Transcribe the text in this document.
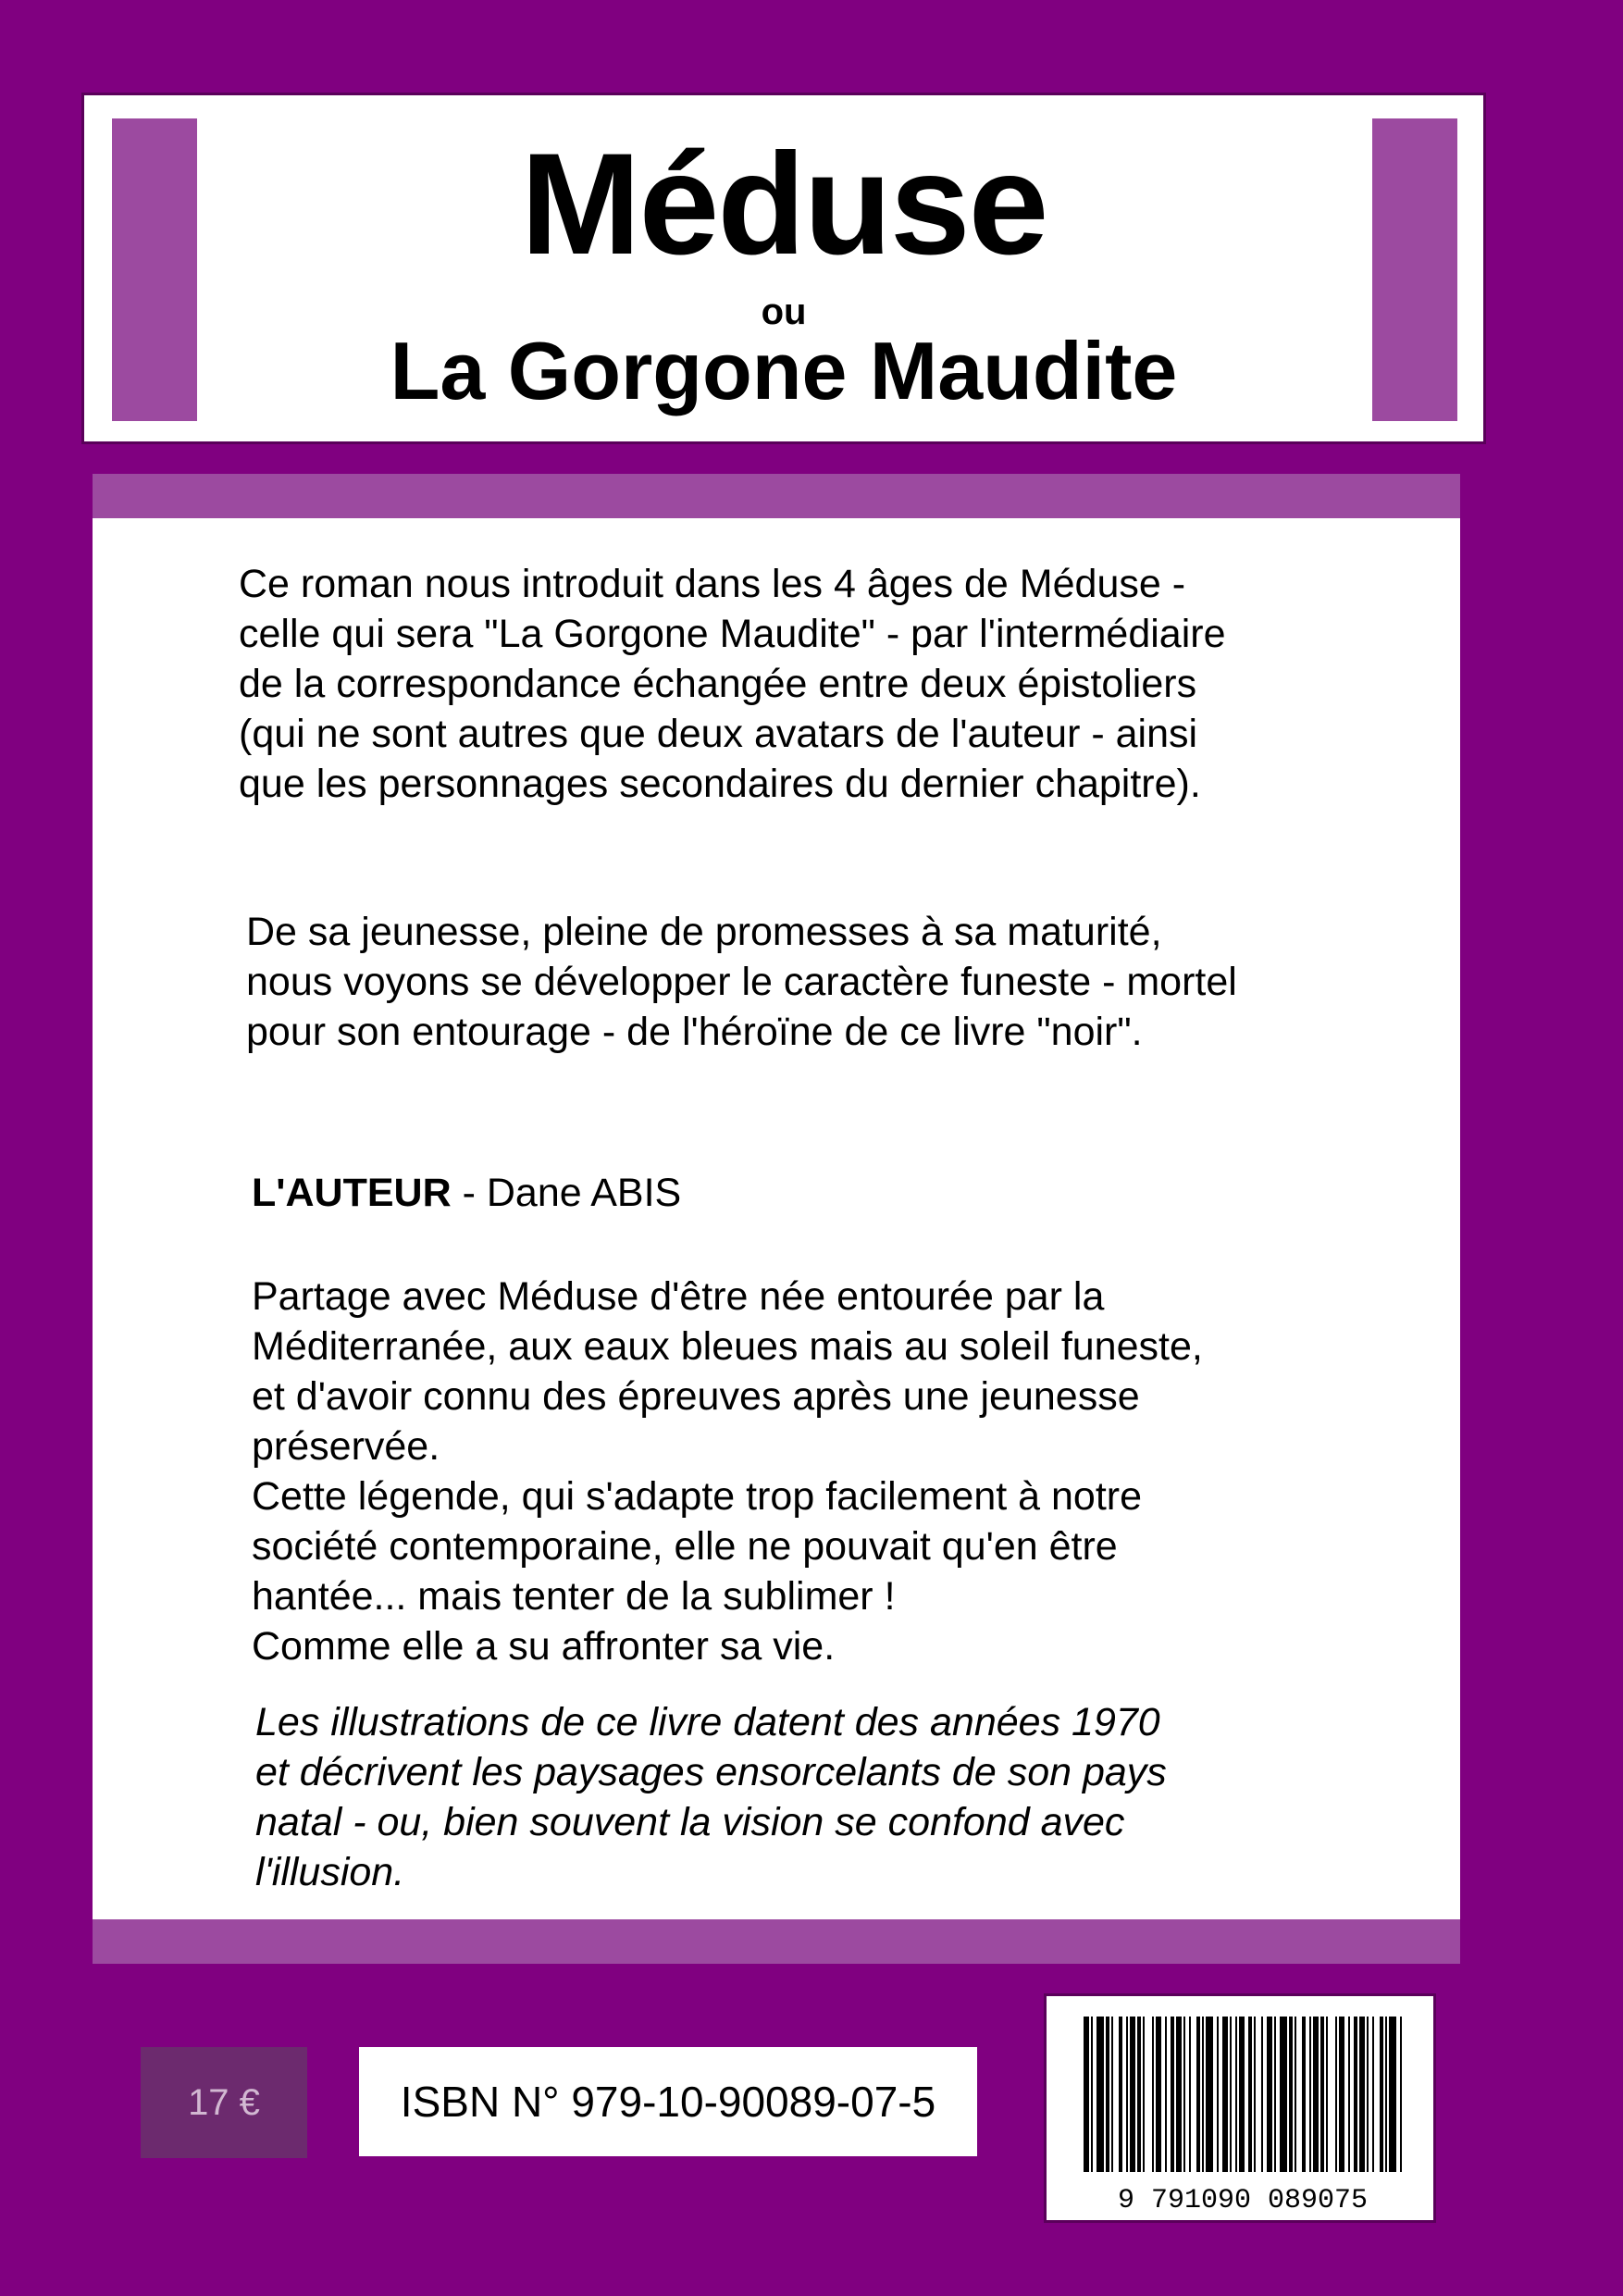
Méduse
ou
La Gorgone Maudite

Ce roman nous introduit dans les 4 âges de Méduse -
celle qui sera "La Gorgone Maudite" - par l'intermédiaire
de la correspondance échangée entre deux épistoliers
(qui ne sont autres que deux avatars de l'auteur - ainsi
que les personnages secondaires du dernier chapitre).

De sa jeunesse, pleine de promesses à sa maturité,
nous voyons se développer le caractère funeste - mortel
pour son entourage - de l'héroïne de ce livre "noir".

L'AUTEUR - Dane ABIS

Partage avec Méduse d'être née entourée par la
Méditerranée, aux eaux bleues mais au soleil funeste,
et d'avoir connu des épreuves après une jeunesse
préservée.
Cette légende, qui s'adapte trop facilement à notre
société contemporaine, elle ne pouvait qu'en être
hantée... mais tenter de la sublimer !
Comme elle a su affronter sa vie.

Les illustrations de ce livre datent des années 1970
et décrivent les paysages ensorcelants de son pays
natal - ou, bien souvent la vision se confond avec
l'illusion.

17 €	ISBN N° 979-10-90089-07-5
9 791090 089075
